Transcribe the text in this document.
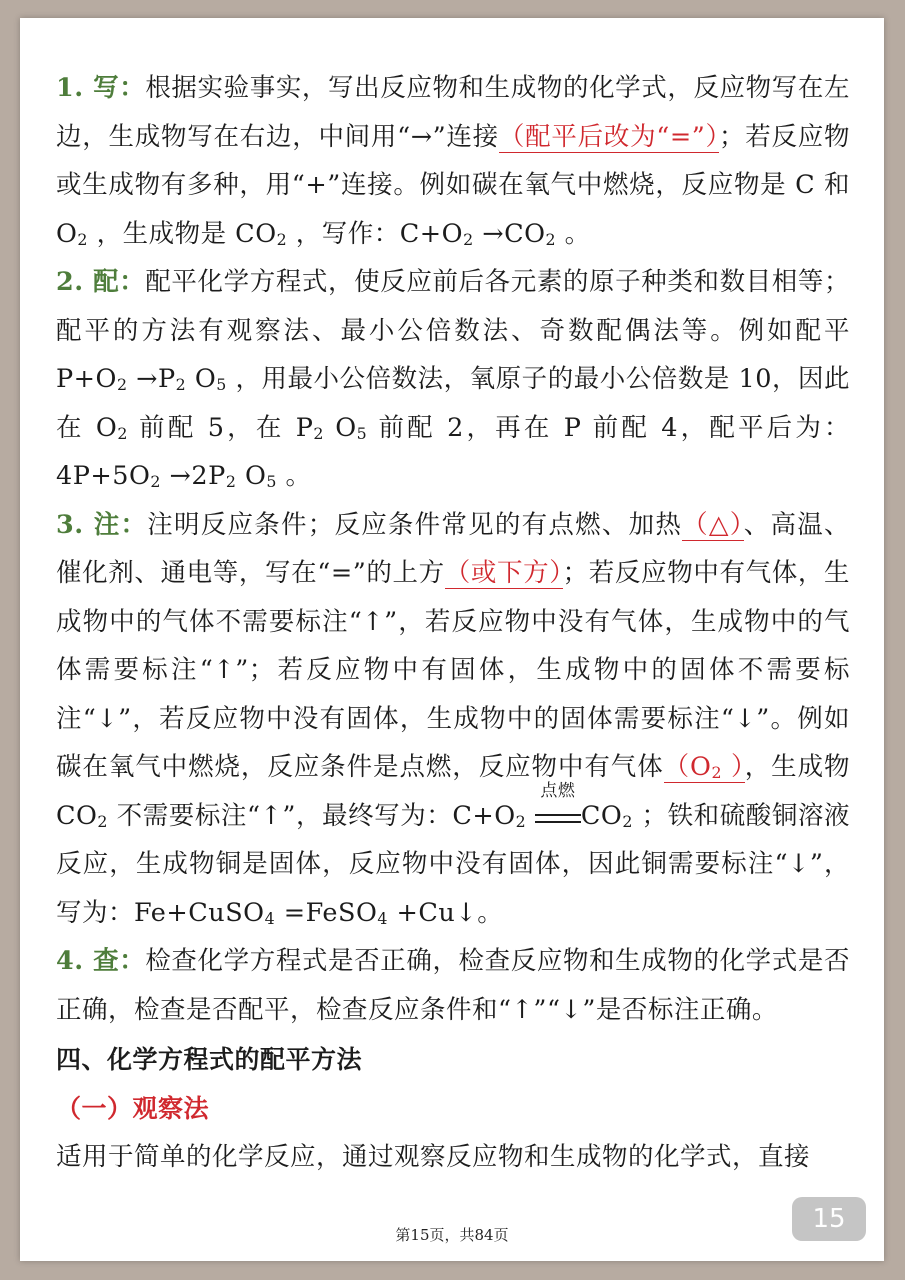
1. 写：根据实验事实，写出反应物和生成物的化学式，反应物写在左边，生成物写在右边，中间用“→”连接（配平后改为“=”）；若反应物或生成物有多种，用“+”连接。例如碳在氧气中燃烧，反应物是 C 和 O2 ，生成物是 CO2 ，写作：C+O2 →CO2 。

2. 配：配平化学方程式，使反应前后各元素的原子种类和数目相等；配平的方法有观察法、最小公倍数法、奇数配偶法等。例如配平 P+O2 →P2 O5 ，用最小公倍数法，氧原子的最小公倍数是 10，因此在 O2 前配 5，在 P2 O5 前配 2，再在 P 前配 4，配平后为：4P+5O2 →2P2 O5 。

3. 注：注明反应条件；反应条件常见的有点燃、加热（△）、高温、催化剂、通电等，写在“=”的上方（或下方）；若反应物中有气体，生成物中的气体不需要标注“↑”，若反应物中没有气体，生成物中的气体需要标注“↑”；若反应物中有固体，生成物中的固体不需要标注“↓”，若反应物中没有固体，生成物中的固体需要标注“↓”。例如碳在氧气中燃烧，反应条件是点燃，反应物中有气体（O2 ），生成物 CO2 不需要标注“↑”，最终写为：C+O2
点燃
CO2 ；铁和硫酸铜溶液反应，生成物铜是固体，反应物中没有固体，因此铜需要标注“↓”，写为：Fe+CuSO4 =FeSO4 +Cu↓。

4. 查：检查化学方程式是否正确，检查反应物和生成物的化学式是否正确，检查是否配平，检查反应条件和“↑”“↓”是否标注正确。

四、化学方程式的配平方法

（一）观察法

适用于简单的化学反应，通过观察反应物和生成物的化学式，直接

第15页，共84页
15
